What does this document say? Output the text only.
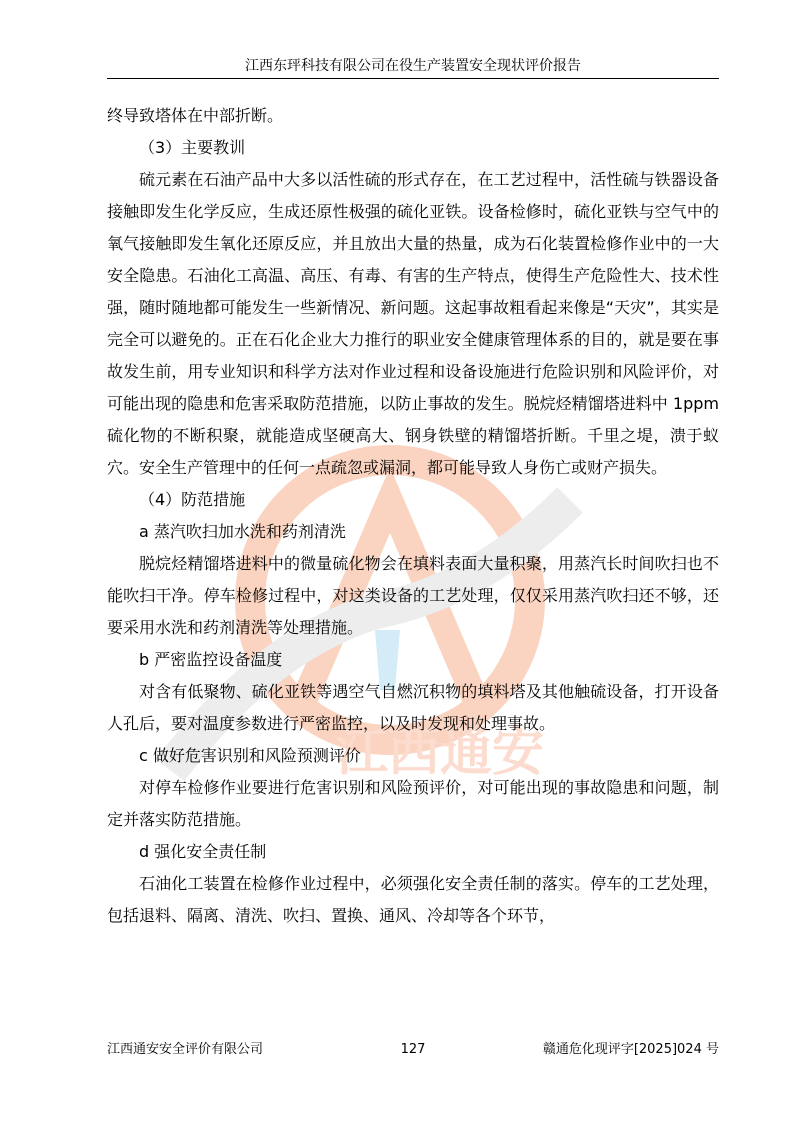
江西东玶科技有限公司在役生产装置安全现状评价报告
江西通安

终导致塔体在中部折断。

（3）主要教训

硫元素在石油产品中大多以活性硫的形式存在，在工艺过程中，活性硫与铁器设备接触即发生化学反应，生成还原性极强的硫化亚铁。设备检修时，硫化亚铁与空气中的氧气接触即发生氧化还原反应，并且放出大量的热量，成为石化装置检修作业中的一大安全隐患。石油化工高温、高压、有毒、有害的生产特点，使得生产危险性大、技术性强，随时随地都可能发生一些新情况、新问题。这起事故粗看起来像是“天灾”，其实是完全可以避免的。正在石化企业大力推行的职业安全健康管理体系的目的，就是要在事故发生前，用专业知识和科学方法对作业过程和设备设施进行危险识别和风险评价，对可能出现的隐患和危害采取防范措施，以防止事故的发生。脱烷烃精馏塔进料中 1ppm 硫化物的不断积聚，就能造成坚硬高大、钢身铁壁的精馏塔折断。千里之堤，溃于蚁穴。安全生产管理中的任何一点疏忽或漏洞，都可能导致人身伤亡或财产损失。

（4）防范措施

a 蒸汽吹扫加水洗和药剂清洗

脱烷烃精馏塔进料中的微量硫化物会在填料表面大量积聚，用蒸汽长时间吹扫也不能吹扫干净。停车检修过程中，对这类设备的工艺处理，仅仅采用蒸汽吹扫还不够，还要采用水洗和药剂清洗等处理措施。

b 严密监控设备温度

对含有低聚物、硫化亚铁等遇空气自燃沉积物的填料塔及其他触硫设备，打开设备人孔后，要对温度参数进行严密监控，以及时发现和处理事故。

c 做好危害识别和风险预测评价

对停车检修作业要进行危害识别和风险预评价，对可能出现的事故隐患和问题，制定并落实防范措施。

d 强化安全责任制

石油化工装置在检修作业过程中，必须强化安全责任制的落实。停车的工艺处理，包括退料、隔离、清洗、吹扫、置换、通风、冷却等各个环节，

江西通安安全评价有限公司	127	赣通危化现评字[2025]024 号
